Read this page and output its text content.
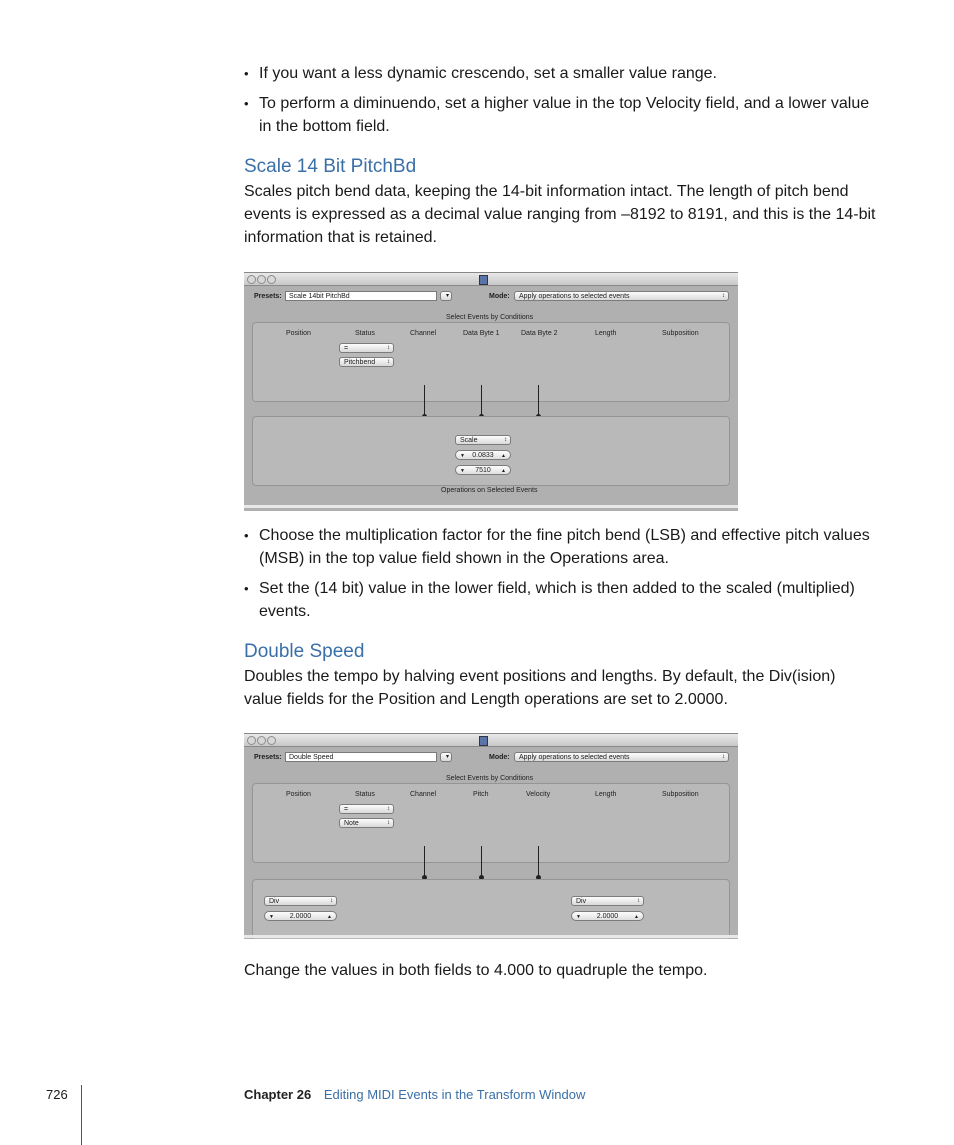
• If you want a less dynamic crescendo, set a smaller value range.
• To perform a diminuendo, set a higher value in the top Velocity field, and a lower value in the bottom field.
Scale 14 Bit PitchBd
Scales pitch bend data, keeping the 14-bit information intact. The length of pitch bend events is expressed as a decimal value ranging from –8192 to 8191, and this is the 14-bit information that is retained.
Presets:	Scale 14bit PitchBd	▾	Mode:	Apply operations to selected events	↕
Select Events by Conditions
Position	Status	Channel	Data Byte 1	Data Byte 2	Length	Subposition
=	↕
Pitchbend ↕
Scale	↕
▼ 0.0833 ▲
▼ 7510 ▲
Operations on Selected Events
• Choose the multiplication factor for the fine pitch bend (LSB) and effective pitch values (MSB) in the top value field shown in the Operations area.
• Set the (14 bit) value in the lower field, which is then added to the scaled (multiplied) events.
Double Speed
Doubles the tempo by halving event positions and lengths. By default, the Div(ision) value fields for the Position and Length operations are set to 2.0000.
Presets:	Double Speed	▾	Mode:	Apply operations to selected events	↕
Select Events by Conditions
Position	Status	Channel	Pitch	Velocity	Length	Subposition
=	↕
Note	↕
Div	↕
▼ 2.0000	▲
Div	↕
▼ 2.0000	▲
Change the values in both fields to 4.000 to quadruple the tempo.
726	Chapter 26 Editing MIDI Events in the Transform Window
